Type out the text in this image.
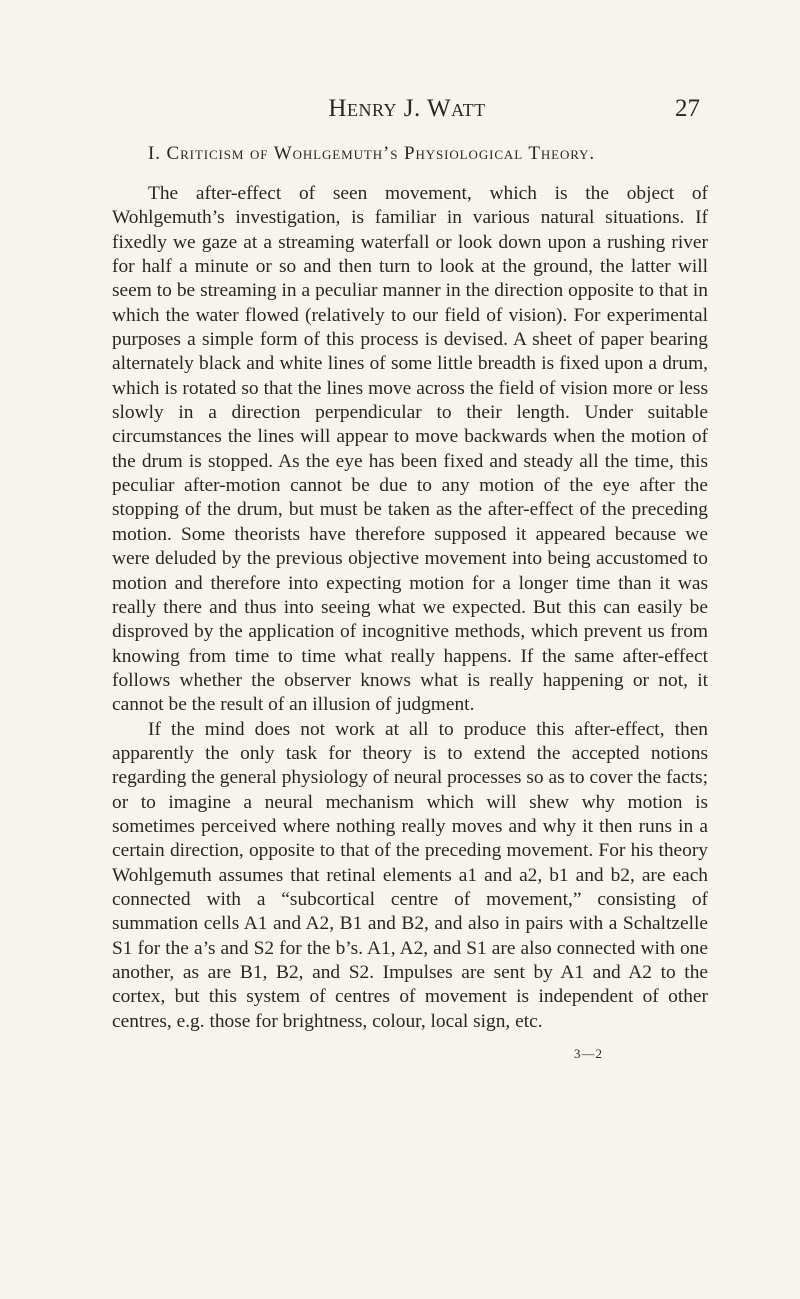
Henry J. Watt	27
I. Criticism of Wohlgemuth’s Physiological Theory.

The after-effect of seen movement, which is the object of Wohlgemuth’s investigation, is familiar in various natural situations. If fixedly we gaze at a streaming waterfall or look down upon a rushing river for half a minute or so and then turn to look at the ground, the latter will seem to be streaming in a peculiar manner in the direction opposite to that in which the water flowed (relatively to our field of vision). For experimental purposes a simple form of this process is devised. A sheet of paper bearing alternately black and white lines of some little breadth is fixed upon a drum, which is rotated so that the lines move across the field of vision more or less slowly in a direction perpendicular to their length. Under suitable circumstances the lines will appear to move backwards when the motion of the drum is stopped. As the eye has been fixed and steady all the time, this peculiar after-motion cannot be due to any motion of the eye after the stopping of the drum, but must be taken as the after-effect of the preceding motion. Some theorists have therefore supposed it appeared because we were deluded by the previous objective movement into being accustomed to motion and therefore into expecting motion for a longer time than it was really there and thus into seeing what we expected. But this can easily be disproved by the application of incognitive methods, which prevent us from knowing from time to time what really happens. If the same after-effect follows whether the observer knows what is really happening or not, it cannot be the result of an illusion of judgment.

If the mind does not work at all to produce this after-effect, then apparently the only task for theory is to extend the accepted notions regarding the general physiology of neural processes so as to cover the facts; or to imagine a neural mechanism which will shew why motion is sometimes perceived where nothing really moves and why it then runs in a certain direction, opposite to that of the preceding movement. For his theory Wohlgemuth assumes that retinal elements a1 and a2, b1 and b2, are each connected with a “subcortical centre of movement,” consisting of summation cells A1 and A2, B1 and B2, and also in pairs with a Schaltzelle S1 for the a’s and S2 for the b’s. A1, A2, and S1 are also connected with one another, as are B1, B2, and S2. Impulses are sent by A1 and A2 to the cortex, but this system of centres of movement is independent of other centres, e.g. those for brightness, colour, local sign, etc.

3—2
